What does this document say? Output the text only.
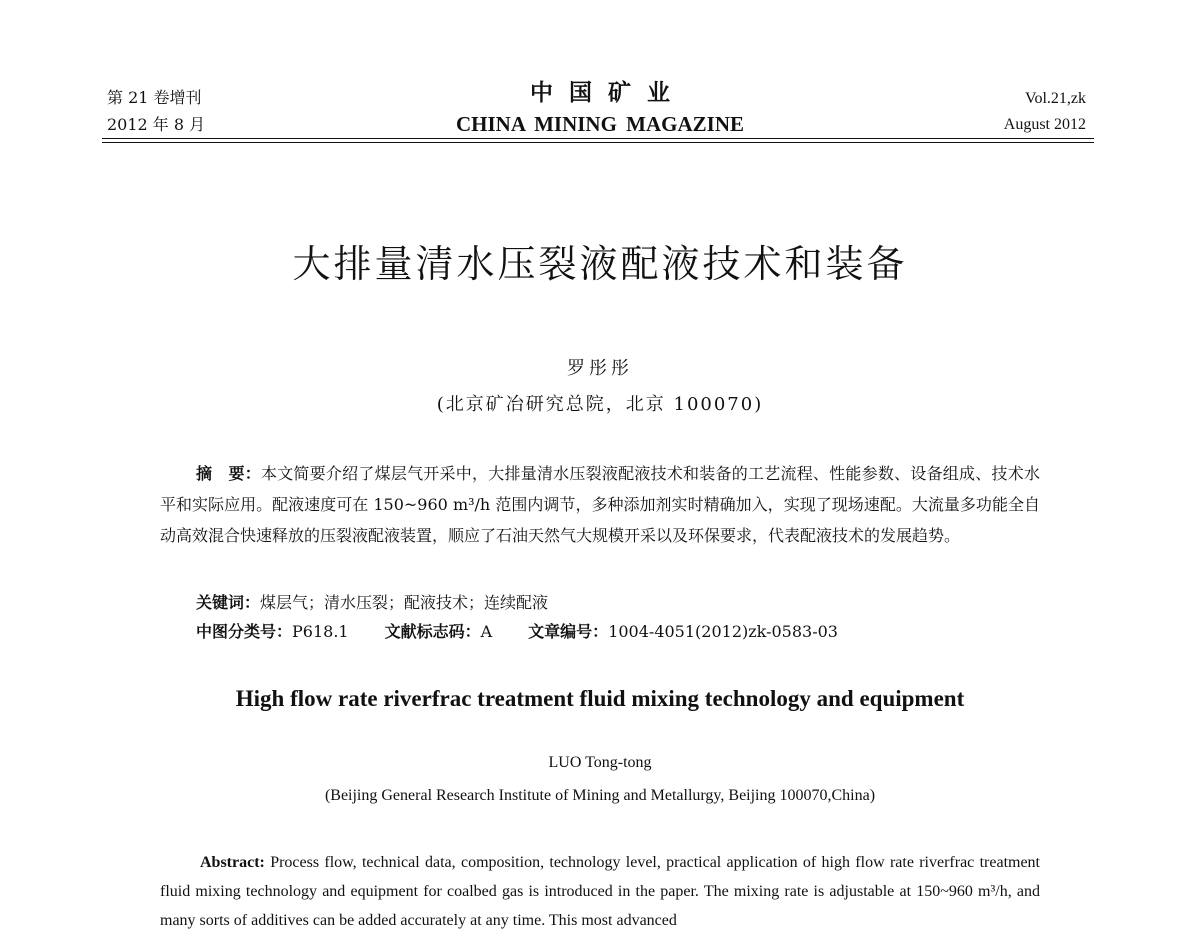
第 21 卷增刊
2012 年 8 月
中国矿业
CHINA MINING MAGAZINE
Vol.21,zk
August 2012
大排量清水压裂液配液技术和装备
罗彤彤
(北京矿冶研究总院，北京 100070)

摘　要：本文简要介绍了煤层气开采中，大排量清水压裂液配液技术和装备的工艺流程、性能参数、设备组成、技术水平和实际应用。配液速度可在 150~960 m³/h 范围内调节，多种添加剂实时精确加入，实现了现场速配。大流量多功能全自动高效混合快速释放的压裂液配液装置，顺应了石油天然气大规模开采以及环保要求，代表配液技术的发展趋势。

关键词：煤层气；清水压裂；配液技术；连续配液
中图分类号：P618.1 文献标志码：A 文章编号：1004-4051(2012)zk-0583-03
High flow rate riverfrac treatment fluid mixing technology and equipment
LUO Tong-tong
(Beijing General Research Institute of Mining and Metallurgy, Beijing 100070,China)

Abstract: Process flow, technical data, composition, technology level, practical application of high flow rate riverfrac treatment fluid mixing technology and equipment for coalbed gas is introduced in the paper. The mixing rate is adjustable at 150~960 m³/h, and many sorts of additives can be added accurately at any time. This most advanced
